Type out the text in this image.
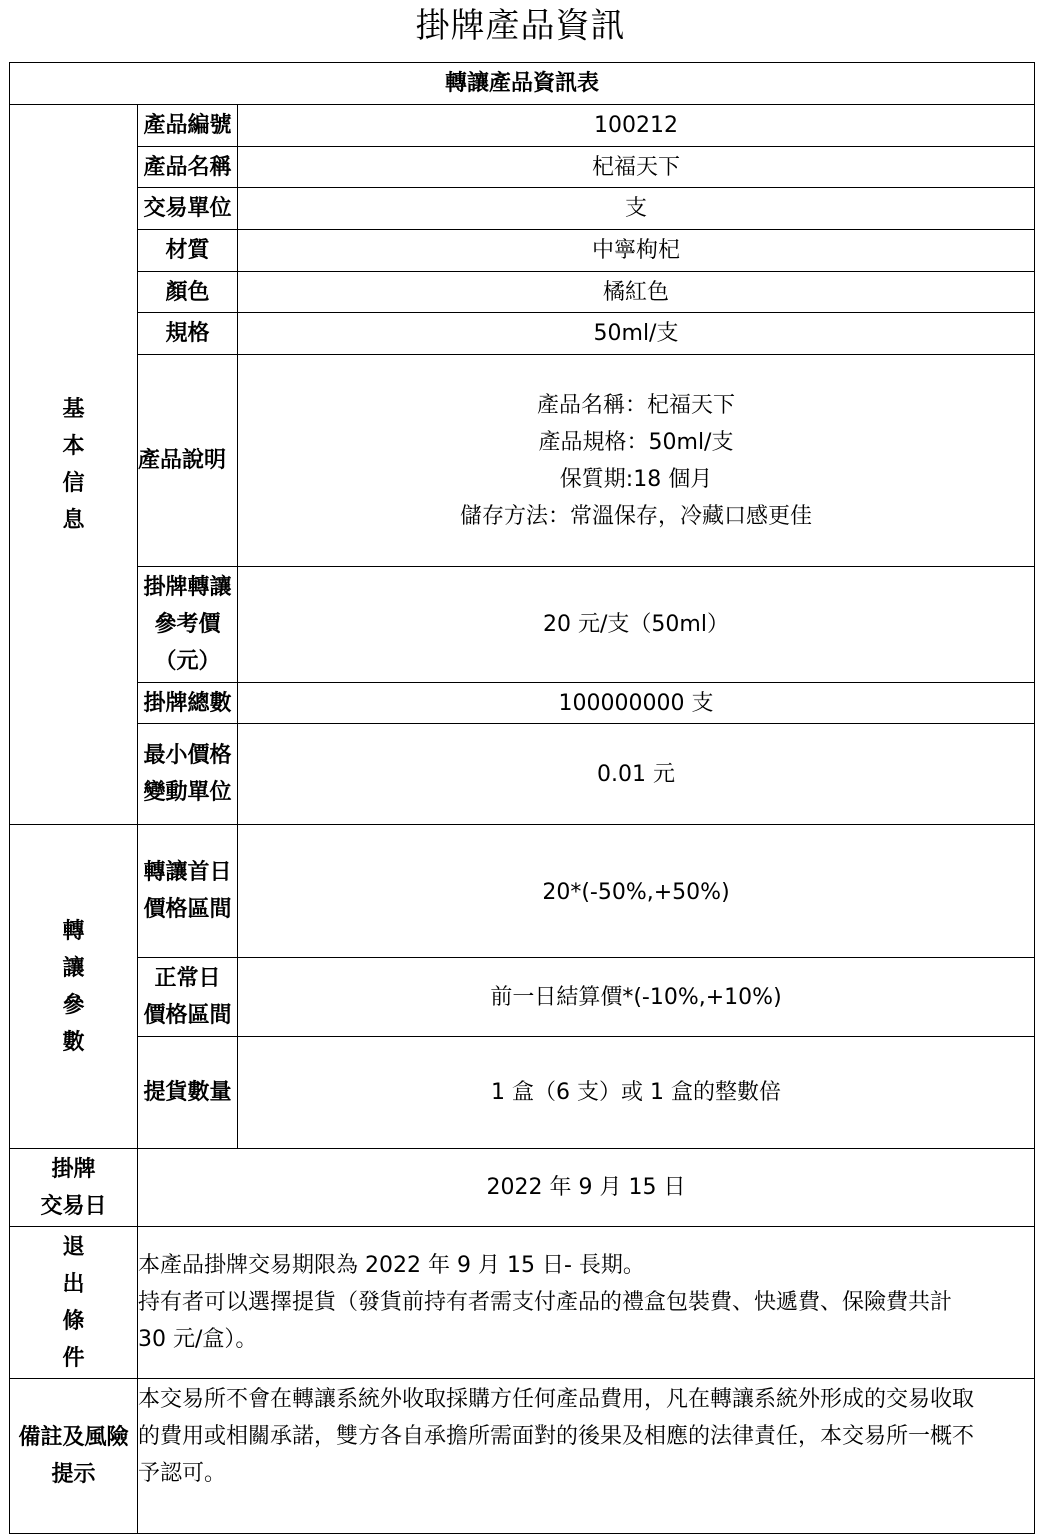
掛牌產品資訊
轉讓產品資訊表		
基本信息	產品編號	100212
	產品名稱	杞福天下
	交易單位	支
	材質	中寧枸杞
	顏色	橘紅色
	規格	50ml/支
	產品說明	產品名稱：杞福天下
產品規格：50ml/支
保質期:18 個月
儲存方法：常溫保存，冷藏口感更佳

	掛牌轉讓
參考價
（元）	20 元/支（50ml）
	掛牌總數	100000000 支

	最小價格
變動單位	0.01 元
轉讓參數	轉讓首日
價格區間	20*(-50%,+50%)

	正常日
價格區間	前一日結算價*(-10%,+10%)
	提貨數量	1 盒（6 支）或 1 盒的整數倍

掛牌
交易日	2022 年 9 月 15 日	
退出條件	本產品掛牌交易期限為 2022 年 9 月 15 日- 長期。
持有者可以選擇提貨（發貨前持有者需支付產品的禮盒包裝費、快遞費、保險費共計
30 元/盒）。	

備註及風險
提示	本交易所不會在轉讓系統外收取採購方任何產品費用，凡在轉讓系統外形成的交易收取
的費用或相關承諾，雙方各自承擔所需面對的後果及相應的法律責任，本交易所一概不
予認可。	
